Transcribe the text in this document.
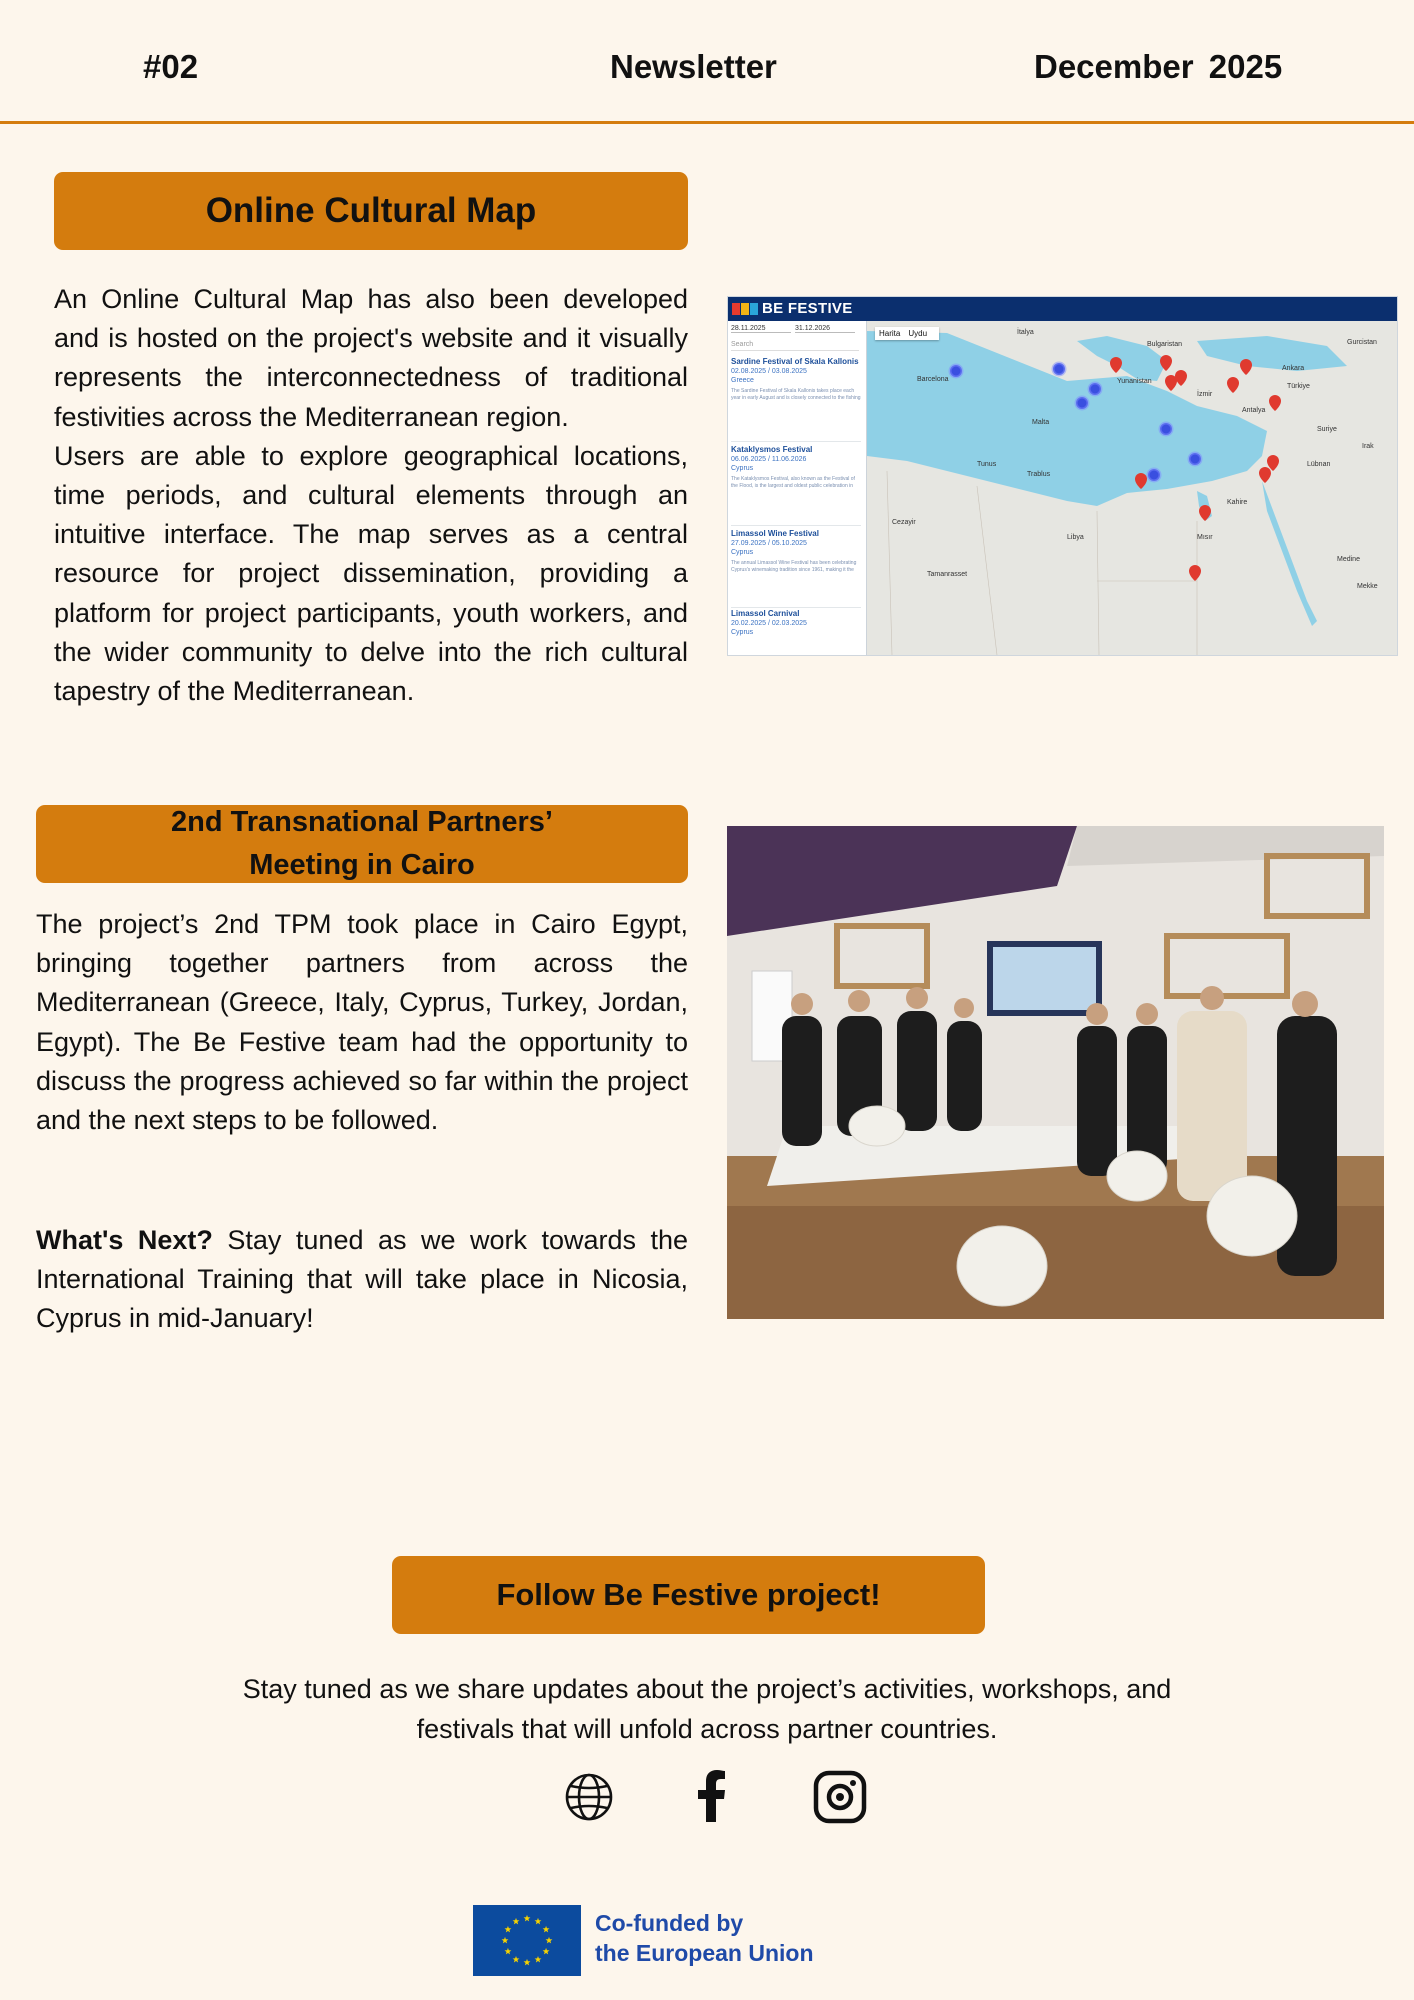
#02	Newsletter	December 2025
Online Cultural Map
An Online Cultural Map has also been developed and is hosted on the project's website and it visually represents the interconnectedness of traditional festivities across the Mediterranean region.
Users are able to explore geographical locations, time periods, and cultural elements through an intuitive interface. The map serves as a central resource for project dissemination, providing a platform for project participants, youth workers, and the wider community to delve into the rich cultural tapestry of the Mediterranean.
BE FESTIVE
28.11.2025	31.12.2026
Search
Sardine Festival of Skala Kallonis
02.08.2025 / 03.08.2025
Greece
The Sardine Festival of Skala Kallonis takes place each year in early August and is closely connected to the fishing
Kataklysmos Festival
06.06.2025 / 11.06.2026
Cyprus
The Kataklysmos Festival, also known as the Festival of the Flood, is the largest and oldest public celebration in
Limassol Wine Festival
27.09.2025 / 05.10.2025
Cyprus
The annual Limassol Wine Festival has been celebrating Cyprus's winemaking tradition since 1961, making it the
Limassol Carnival
20.02.2025 / 02.03.2025
Cyprus
Harita Uydu
Barcelona
İtalya
Bulgaristan
Yunanistan
Türkiye
Ankara
İzmir
Antalya
Malta
Tunus
Trablus
Libya
Cezayir
Mısır
Suriye
Lübnan
Irak
Kahire
Tamanrasset
Medine
Mekke
Gurcistan
2nd Transnational Partners’
Meeting in Cairo

The project’s 2nd TPM took place in Cairo Egypt, bringing together partners from across the Mediterranean (Greece, Italy, Cyprus, Turkey, Jordan, Egypt). The Be Festive team had the opportunity to discuss the progress achieved so far within the project and the next steps to be followed.

What's Next? Stay tuned as we work towards the International Training that will take place in Nicosia, Cyprus in mid-January!

Follow Be Festive project!
Stay tuned as we share updates about the project’s activities, workshops, and festivals that will unfold across partner countries.
Co-funded by
the European Union
